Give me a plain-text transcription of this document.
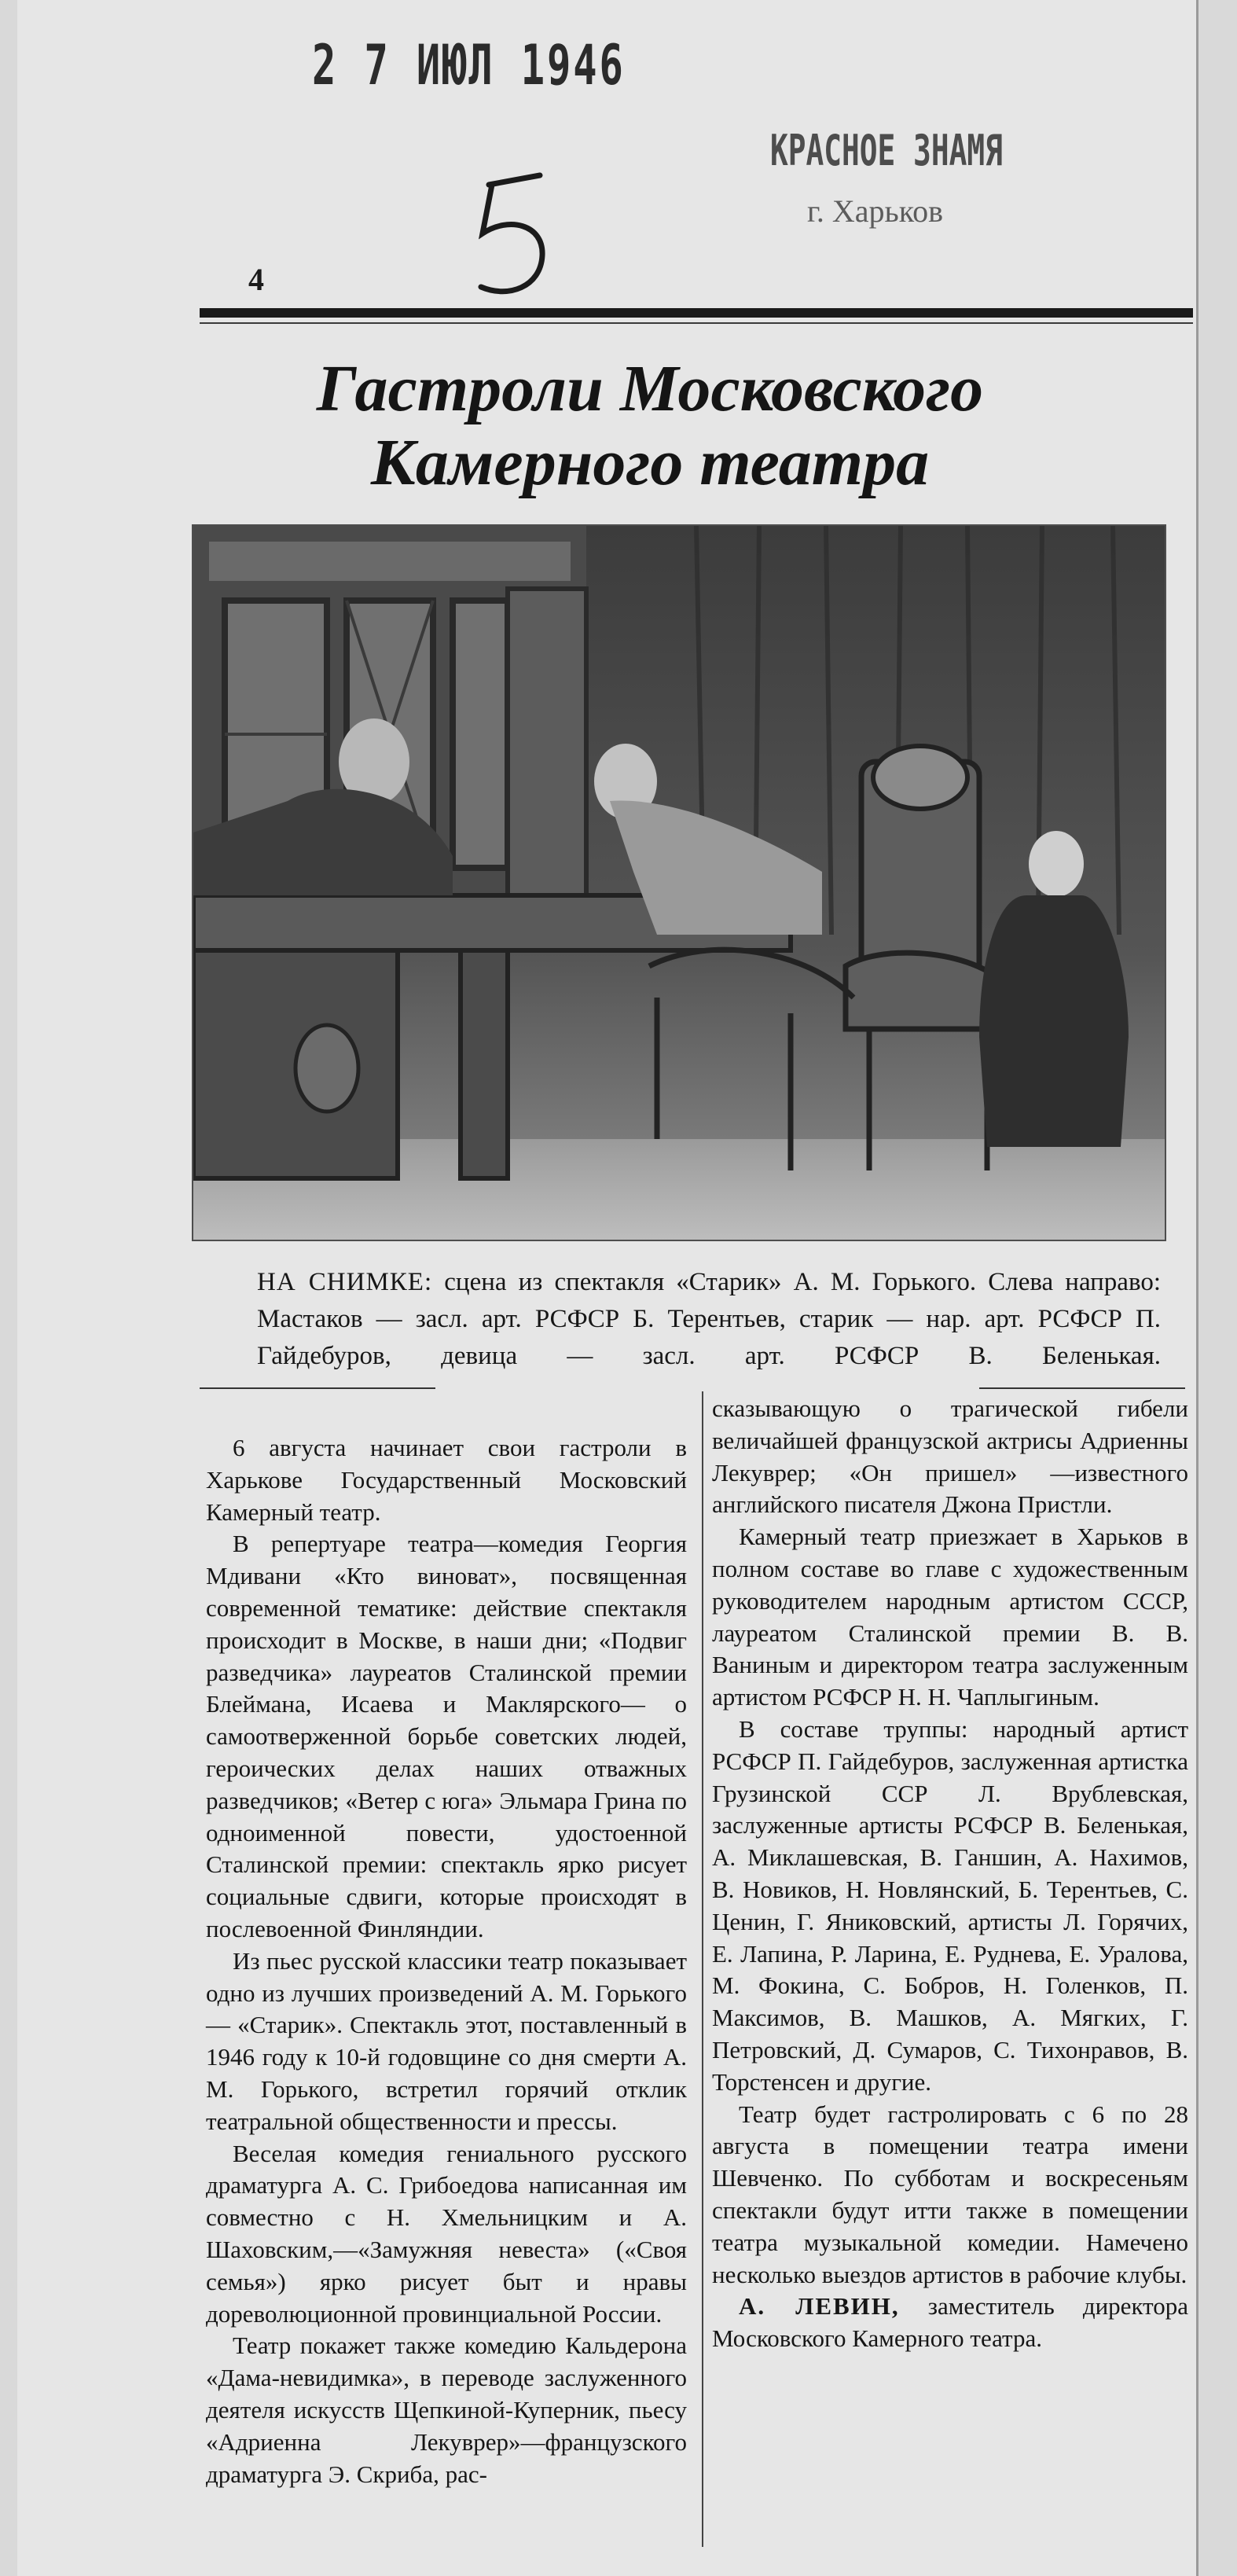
2 7 ИЮЛ 1946
КРАСНОЕ ЗНАМЯ
г. Харьков
4
Гастроли Московского
Камерного театра
НА СНИМКЕ: сцена из спектакля «Старик» А. М. Горького. Слева направо: Мастаков — засл. арт. РСФСР Б. Терентьев, старик — нар. арт. РСФСР П. Гайдебуров, девица — засл. арт. РСФСР В. Беленькая.

6 августа начинает свои гастроли в Харькове Государственный Московский Камерный театр.

В репертуаре театра—комедия Георгия Мдивани «Кто виноват», посвященная современной тематике: действие спектакля происходит в Москве, в наши дни; «Подвиг разведчика» лауреатов Сталинской премии Блеймана, Исаева и Маклярского— о самоотверженной борьбе советских людей, героических делах наших отважных разведчиков; «Ветер с юга» Эльмара Грина по одноименной повести, удостоенной Сталинской премии: спектакль ярко рисует социальные сдвиги, которые происходят в послевоенной Финляндии.

Из пьес русской классики театр показывает одно из лучших произведений А. М. Горького — «Старик». Спектакль этот, поставленный в 1946 году к 10-й годовщине со дня смерти А. М. Горького, встретил горячий отклик театральной общественности и прессы.

Веселая комедия гениального русского драматурга А. С. Грибоедова написанная им совместно с Н. Хмельницким и А. Шаховским,—«Замужняя невеста» («Своя семья») ярко рисует быт и нравы дореволюционной провинциальной России.

Театр покажет также комедию Кальдерона «Дама-невидимка», в переводе заслуженного деятеля искусств Щепкиной-Куперник, пьесу «Адриенна Лекуврер»—французского драматурга Э. Скриба, рас-

сказывающую о трагической гибели величайшей французской актрисы Адриенны Лекуврер; «Он пришел» —известного английского писателя Джона Пристли.

Камерный театр приезжает в Харьков в полном составе во главе с художественным руководителем народным артистом СССР, лауреатом Сталинской премии В. В. Ваниным и директором театра заслуженным артистом РСФСР Н. Н. Чаплыгиным.

В составе труппы: народный артист РСФСР П. Гайдебуров, заслуженная артистка Грузинской ССР Л. Врублевская, заслуженные артисты РСФСР В. Беленькая, А. Миклашевская, В. Ганшин, А. Нахимов, В. Новиков, Н. Новлянский, Б. Терентьев, С. Ценин, Г. Яниковский, артисты Л. Горячих, Е. Лапина, Р. Ларина, Е. Руднева, Е. Уралова, М. Фокина, С. Бобров, Н. Голенков, П. Максимов, В. Машков, А. Мягких, Г. Петровский, Д. Сумаров, С. Тихонравов, В. Торстенсен и другие.

Театр будет гастролировать с 6 по 28 августа в помещении театра имени Шевченко. По субботам и воскресеньям спектакли будут итти также в помещении театра музыкальной комедии. Намечено несколько выездов артистов в рабочие клубы.

А. ЛЕВИН, заместитель директора Московского Камерного театра.
